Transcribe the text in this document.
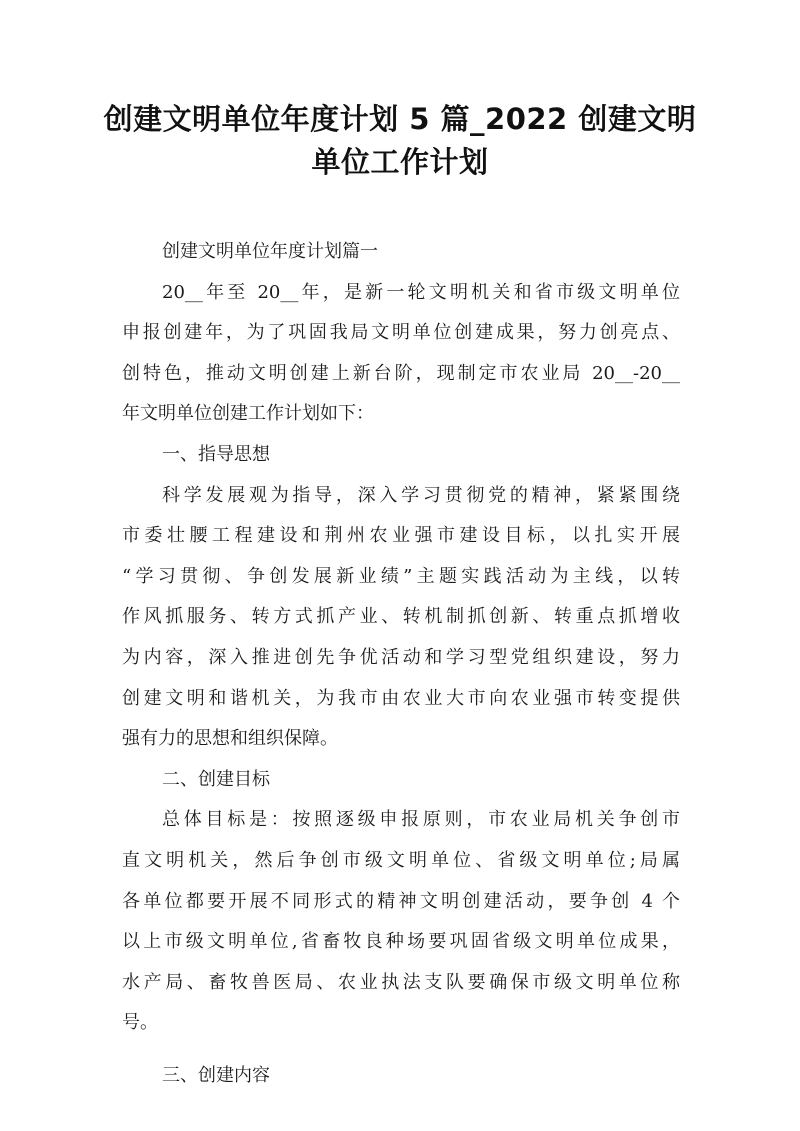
创建文明单位年度计划 5 篇_2022 创建文明
单位工作计划
创建文明单位年度计划篇一
20__年至 20__年，是新一轮文明机关和省市级文明单位
申报创建年，为了巩固我局文明单位创建成果，努力创亮点、
创特色，推动文明创建上新台阶，现制定市农业局 20__-20__
年文明单位创建工作计划如下：
一、指导思想
科学发展观为指导，深入学习贯彻党的精神，紧紧围绕
市委壮腰工程建设和荆州农业强市建设目标，以扎实开展
“学习贯彻、争创发展新业绩”主题实践活动为主线，以转
作风抓服务、转方式抓产业、转机制抓创新、转重点抓增收
为内容，深入推进创先争优活动和学习型党组织建设，努力
创建文明和谐机关，为我市由农业大市向农业强市转变提供
强有力的思想和组织保障。
二、创建目标
总体目标是：按照逐级申报原则，市农业局机关争创市
直文明机关，然后争创市级文明单位、省级文明单位;局属
各单位都要开展不同形式的精神文明创建活动，要争创 4 个
以上市级文明单位,省畜牧良种场要巩固省级文明单位成果，
水产局、畜牧兽医局、农业执法支队要确保市级文明单位称
号。
三、创建内容
